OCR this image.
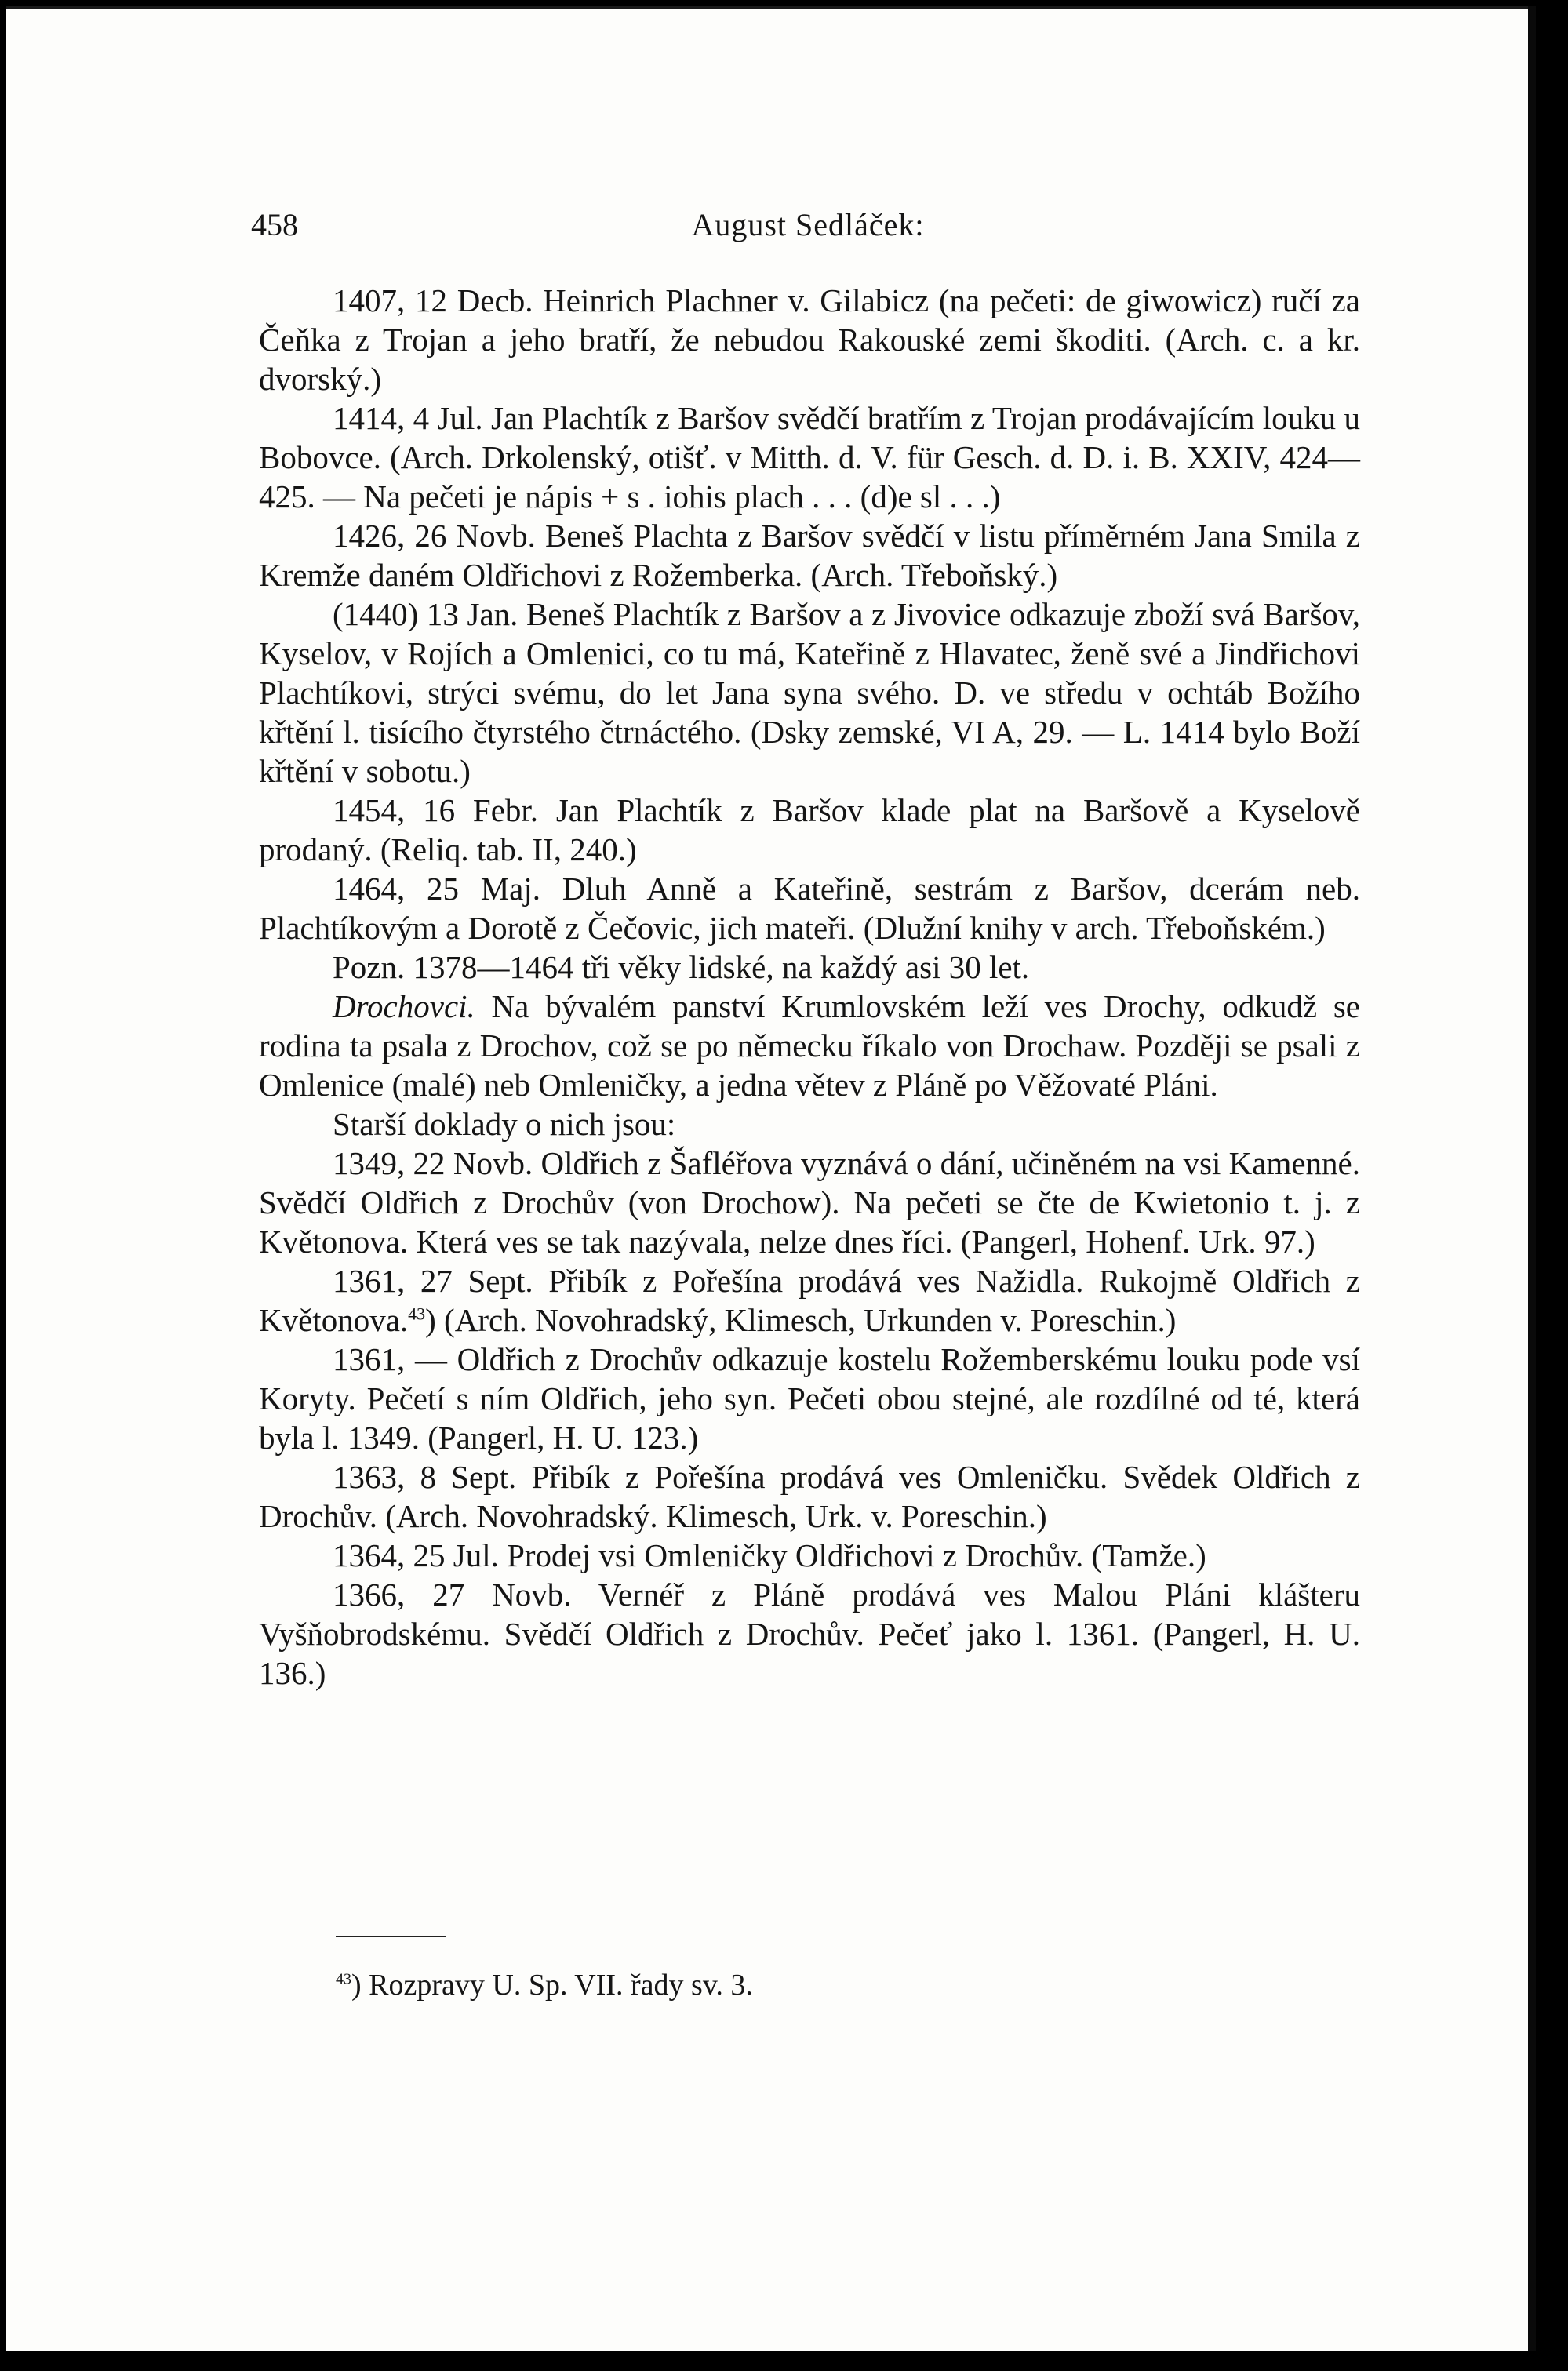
458	August Sedláček:

1407, 12 Decb. Heinrich Plachner v. Gilabicz (na pečeti: de giwowicz) ručí za Čeňka z Trojan a jeho bratří, že nebudou Rakouské zemi škoditi. (Arch. c. a kr. dvorský.)

1414, 4 Jul. Jan Plachtík z Baršov svědčí bratřím z Trojan prodávajícím louku u Bobovce. (Arch. Drkolenský, otišť. v Mitth. d. V. für Gesch. d. D. i. B. XXIV, 424—425. — Na pečeti je nápis + s . iohis plach . . . (d)e sl . . .)

1426, 26 Novb. Beneš Plachta z Baršov svědčí v listu příměrném Jana Smila z Kremže daném Oldřichovi z Rožemberka. (Arch. Třeboňský.)

(1440) 13 Jan. Beneš Plachtík z Baršov a z Jivovice odkazuje zboží svá Baršov, Kyselov, v Rojích a Omlenici, co tu má, Kateřině z Hlavatec, ženě své a Jindřichovi Plachtíkovi, strýci svému, do let Jana syna svého. D. ve středu v ochtáb Božího křtění l. tisícího čtyrstého čtrnáctého. (Dsky zemské, VI A, 29. — L. 1414 bylo Boží křtění v sobotu.)

1454, 16 Febr. Jan Plachtík z Baršov klade plat na Baršově a Kyselově prodaný. (Reliq. tab. II, 240.)

1464, 25 Maj. Dluh Anně a Kateřině, sestrám z Baršov, dcerám neb. Plachtíkovým a Dorotě z Čečovic, jich mateři. (Dlužní knihy v arch. Třeboňském.)

Pozn. 1378—1464 tři věky lidské, na každý asi 30 let.

Drochovci. Na bývalém panství Krumlovském leží ves Drochy, odkudž se rodina ta psala z Drochov, což se po německu říkalo von Drochaw. Později se psali z Omlenice (malé) neb Omleničky, a jedna větev z Pláně po Věžovaté Pláni.

Starší doklady o nich jsou:

1349, 22 Novb. Oldřich z Šafléřova vyznává o dání, učiněném na vsi Kamenné. Svědčí Oldřich z Drochův (von Drochow). Na pečeti se čte de Kwietonio t. j. z Květonova. Která ves se tak nazývala, nelze dnes říci. (Pangerl, Hohenf. Urk. 97.)

1361, 27 Sept. Přibík z Pořešína prodává ves Nažidla. Rukojmě Oldřich z Květonova.$^{43}$) (Arch. Novohradský, Klimesch, Urkunden v. Poreschin.)

1361, — Oldřich z Drochův odkazuje kostelu Rožemberskému louku pode vsí Koryty. Pečetí s ním Oldřich, jeho syn. Pečeti obou stejné, ale rozdílné od té, která byla l. 1349. (Pangerl, H. U. 123.)

1363, 8 Sept. Přibík z Pořešína prodává ves Omleničku. Svědek Oldřich z Drochův. (Arch. Novohradský. Klimesch, Urk. v. Poreschin.)

1364, 25 Jul. Prodej vsi Omleničky Oldřichovi z Drochův. (Tamže.)

1366, 27 Novb. Vernéř z Pláně prodává ves Malou Pláni klášteru Vyšňobrodskému. Svědčí Oldřich z Drochův. Pečeť jako l. 1361. (Pangerl, H. U. 136.)

$^{43}$) Rozpravy U. Sp. VII. řady sv. 3.
